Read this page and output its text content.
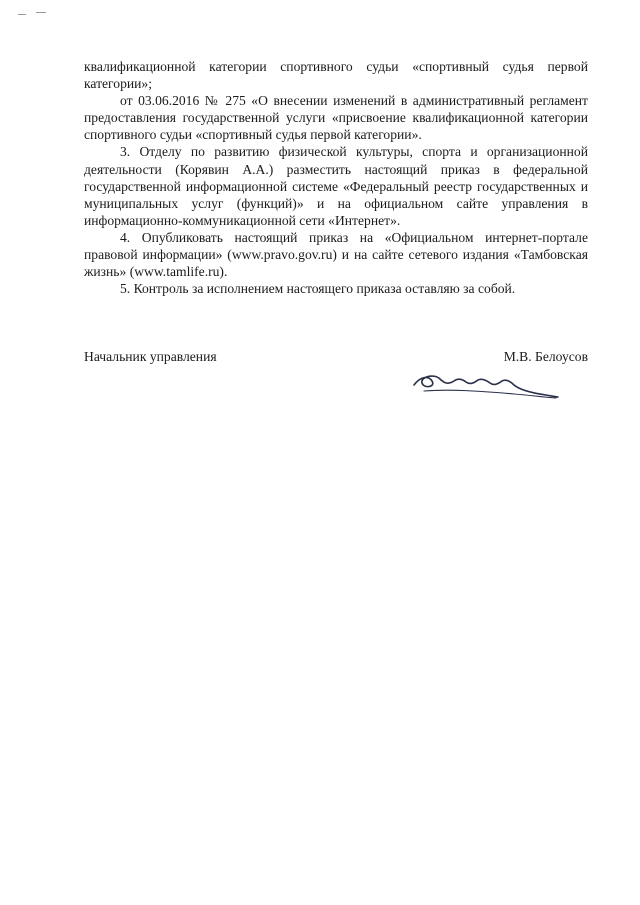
квалификационной категории спортивного судьи «спортивный судья первой категории»;

от 03.06.2016 № 275 «О внесении изменений в административный регламент предоставления государственной услуги «присвоение квалификационной категории спортивного судьи «спортивный судья первой категории».

3. Отделу по развитию физической культуры, спорта и организационной деятельности (Корявин А.А.) разместить настоящий приказ в федеральной государственной информационной системе «Федеральный реестр государственных и муниципальных услуг (функций)» и на официальном сайте управления в информационно-коммуникационной сети «Интернет».

4. Опубликовать настоящий приказ на «Официальном интернет-портале правовой информации» (www.pravo.gov.ru) и на сайте сетевого издания «Тамбовская жизнь» (www.tamlife.ru).

5. Контроль за исполнением настоящего приказа оставляю за собой.

Начальник управления	М.В. Белоусов
